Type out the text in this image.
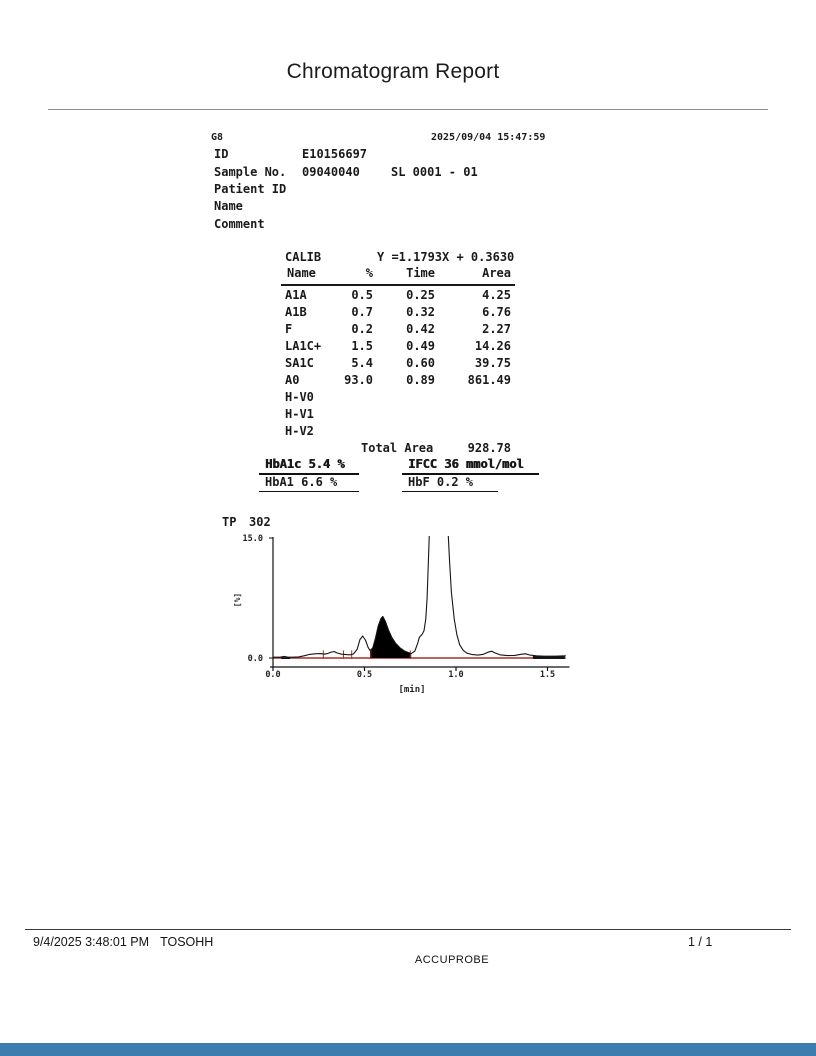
Chromatogram Report
G8	2025/09/04 15:47:59
ID	E10156697
Sample No. 09040040	SL 0001 - 01
Patient ID
Name
Comment
CALIB	Y =1.1793X + 0.3630
Name	%	Time	Area
A1A	0.5	0.25	4.25
A1B	0.7	0.32	6.76
F	0.2	0.42	2.27
LA1C+	1.5	0.49	14.26
SA1C	5.4	0.60	39.75
A0	93.0	0.89	861.49
H-V0
H-V1
H-V2
Total Area	928.78
HbA1c 5.4 %	IFCC 36 mmol/mol
HbA1 6.6 %	HbF 0.2 %
TP 302
0.0	0.5	1.0	1.5
15.0
0.0
[min]
[%]
9/4/2025 3:48:01 PM TOSOHH	1 / 1
ACCUPROBE
